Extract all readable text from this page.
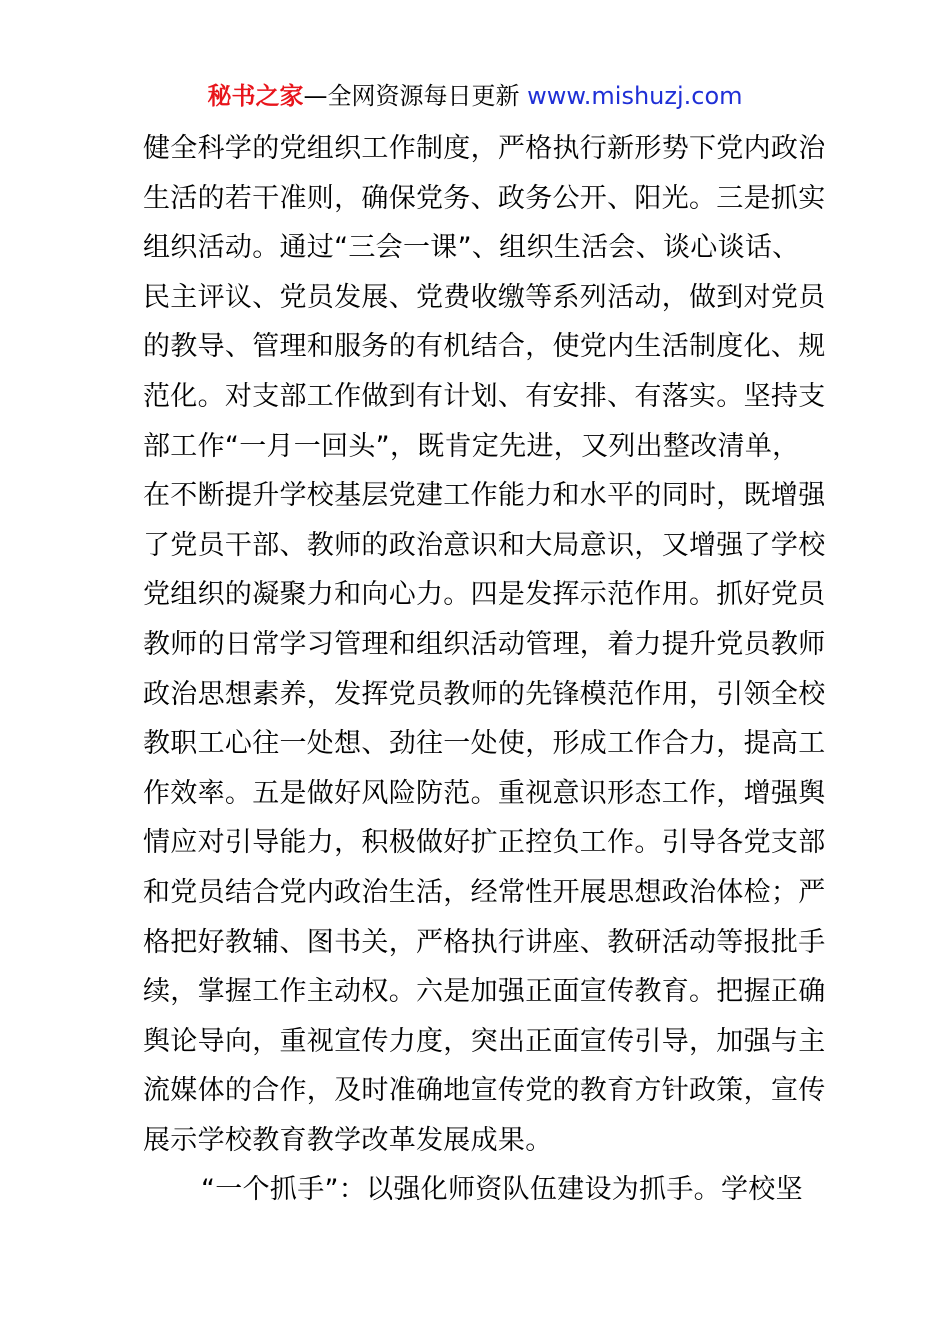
秘书之家—全网资源每日更新 www.mishuzj.com
健全科学的党组织工作制度，严格执行新形势下党内政治
生活的若干准则，确保党务、政务公开、阳光。三是抓实
组织活动。通过“三会一课”、组织生活会、谈心谈话、
民主评议、党员发展、党费收缴等系列活动，做到对党员
的教导、管理和服务的有机结合，使党内生活制度化、规
范化。对支部工作做到有计划、有安排、有落实。坚持支
部工作“一月一回头”，既肯定先进，又列出整改清单，
在不断提升学校基层党建工作能力和水平的同时，既增强
了党员干部、教师的政治意识和大局意识，又增强了学校
党组织的凝聚力和向心力。四是发挥示范作用。抓好党员
教师的日常学习管理和组织活动管理，着力提升党员教师
政治思想素养，发挥党员教师的先锋模范作用，引领全校
教职工心往一处想、劲往一处使，形成工作合力，提高工
作效率。五是做好风险防范。重视意识形态工作，增强舆
情应对引导能力，积极做好扩正控负工作。引导各党支部
和党员结合党内政治生活，经常性开展思想政治体检；严
格把好教辅、图书关，严格执行讲座、教研活动等报批手
续，掌握工作主动权。六是加强正面宣传教育。把握正确
舆论导向，重视宣传力度，突出正面宣传引导，加强与主
流媒体的合作，及时准确地宣传党的教育方针政策，宣传
展示学校教育教学改革发展成果。
“一个抓手”：以强化师资队伍建设为抓手。学校坚
